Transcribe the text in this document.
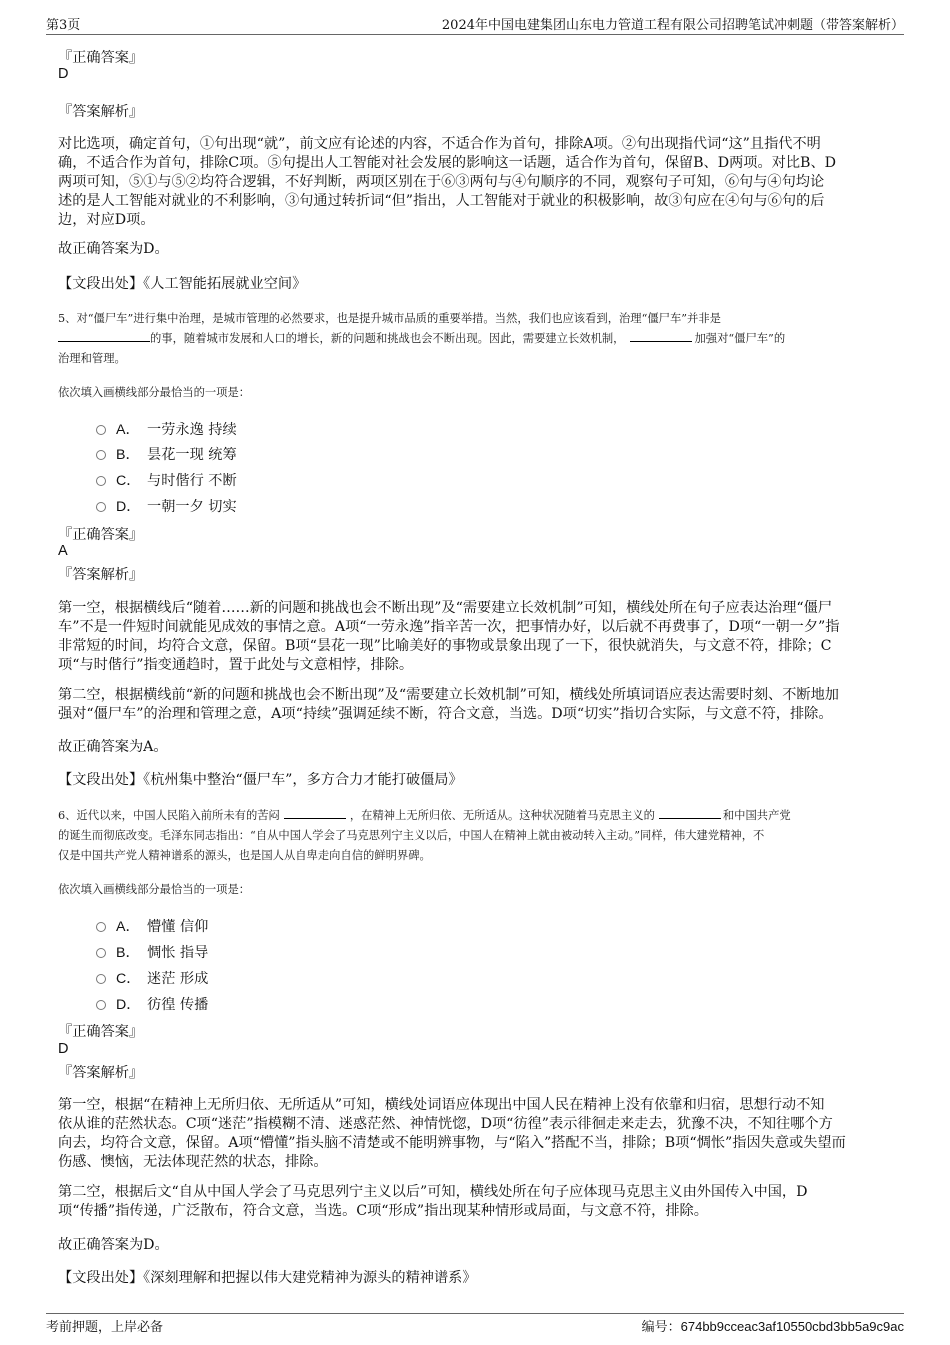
第3页	2024年中国电建集团山东电力管道工程有限公司招聘笔试冲刺题（带答案解析）
『正确答案』
D
『答案解析』
对比选项，确定首句，①句出现“就”，前文应有论述的内容，不适合作为首句，排除A项。②句出现指代词“这”且指代不明
确，不适合作为首句，排除C项。⑤句提出人工智能对社会发展的影响这一话题，适合作为首句，保留B、D两项。对比B、D
两项可知，⑤①与⑤②均符合逻辑，不好判断，两项区别在于⑥③两句与④句顺序的不同，观察句子可知，⑥句与④句均论
述的是人工智能对就业的不利影响，③句通过转折词“但”指出，人工智能对于就业的积极影响，故③句应在④句与⑥句的后
边，对应D项。
故正确答案为D。
【文段出处】《人工智能拓展就业空间》
5、对“僵尸车”进行集中治理，是城市管理的必然要求，也是提升城市品质的重要举措。当然，我们也应该看到，治理“僵尸车”并非是
的事，随着城市发展和人口的增长，新的问题和挑战也会不断出现。因此，需要建立长效机制，	加强对“僵尸车”的
治理和管理。
依次填入画横线部分最恰当的一项是：
A． 一劳永逸 持续
B． 昙花一现 统筹
C． 与时偕行 不断
D． 一朝一夕 切实
『正确答案』
A
『答案解析』
第一空，根据横线后“随着……新的问题和挑战也会不断出现”及“需要建立长效机制”可知，横线处所在句子应表达治理“僵尸
车”不是一件短时间就能见成效的事情之意。A项“一劳永逸”指辛苦一次，把事情办好，以后就不再费事了，D项“一朝一夕”指
非常短的时间，均符合文意，保留。B项“昙花一现”比喻美好的事物或景象出现了一下，很快就消失，与文意不符，排除；C
项“与时偕行”指变通趋时，置于此处与文意相悖，排除。
第二空，根据横线前“新的问题和挑战也会不断出现”及“需要建立长效机制”可知，横线处所填词语应表达需要时刻、不断地加
强对“僵尸车”的治理和管理之意，A项“持续”强调延续不断，符合文意，当选。D项“切实”指切合实际，与文意不符，排除。
故正确答案为A。
【文段出处】《杭州集中整治“僵尸车”，多方合力才能打破僵局》
6、近代以来，中国人民陷入前所未有的苦闷	，在精神上无所归依、无所适从。这种状况随着马克思主义的	和中国共产党
的诞生而彻底改变。毛泽东同志指出：“自从中国人学会了马克思列宁主义以后，中国人在精神上就由被动转入主动。”同样，伟大建党精神，不
仅是中国共产党人精神谱系的源头，也是国人从自卑走向自信的鲜明界碑。
依次填入画横线部分最恰当的一项是：
A． 懵懂 信仰
B． 惆怅 指导
C． 迷茫 形成
D． 彷徨 传播
『正确答案』
D
『答案解析』
第一空，根据“在精神上无所归依、无所适从”可知，横线处词语应体现出中国人民在精神上没有依靠和归宿，思想行动不知
依从谁的茫然状态。C项“迷茫”指模糊不清、迷惑茫然、神情恍惚，D项“彷徨”表示徘徊走来走去，犹豫不决，不知往哪个方
向去，均符合文意，保留。A项“懵懂”指头脑不清楚或不能明辨事物，与“陷入”搭配不当，排除；B项“惆怅”指因失意或失望而
伤感、懊恼，无法体现茫然的状态，排除。
第二空，根据后文“自从中国人学会了马克思列宁主义以后”可知，横线处所在句子应体现马克思主义由外国传入中国，D
项“传播”指传递，广泛散布，符合文意，当选。C项“形成”指出现某种情形或局面，与文意不符，排除。
故正确答案为D。
【文段出处】《深刻理解和把握以伟大建党精神为源头的精神谱系》
考前押题，上岸必备	编号：674bb9cceac3af10550cbd3bb5a9c9ac
